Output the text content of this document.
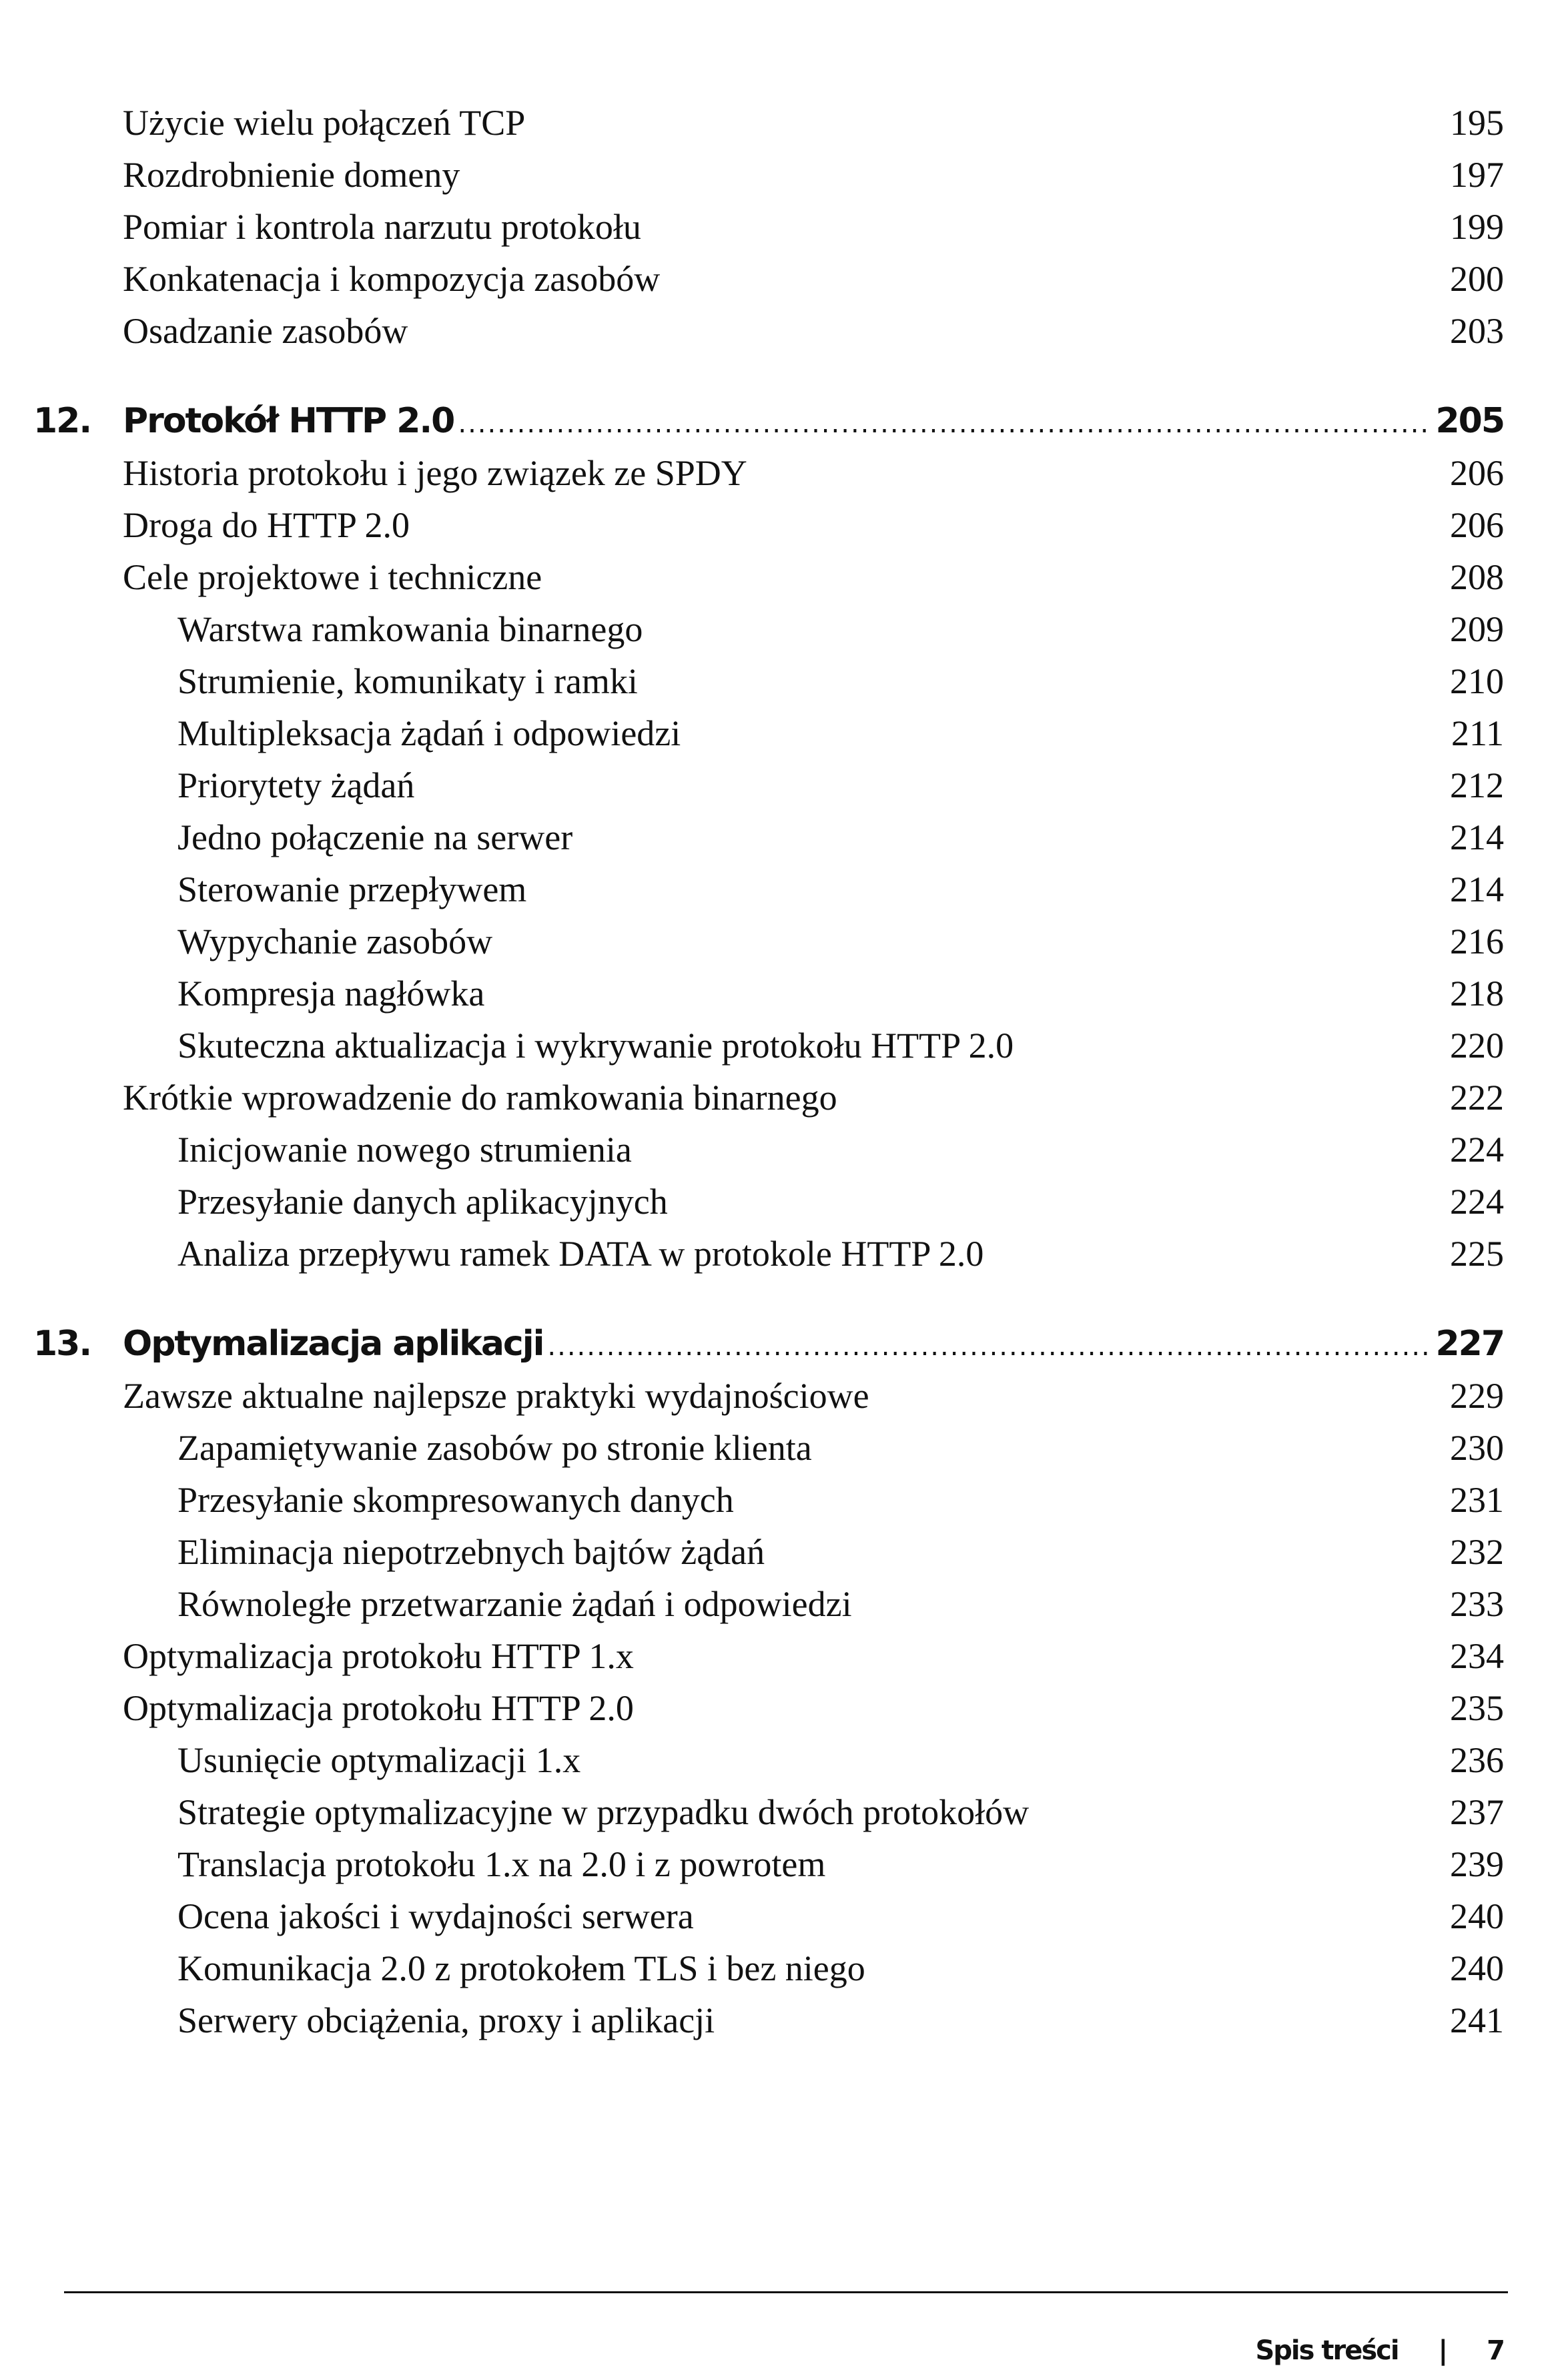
Użycie wielu połączeń TCP	195
Rozdrobnienie domeny	197
Pomiar i kontrola narzutu protokołu	199
Konkatenacja i kompozycja zasobów	200
Osadzanie zasobów	203
12. Protokół HTTP 2.0 .....	205
Historia protokołu i jego związek ze SPDY	206
Droga do HTTP 2.0	206
Cele projektowe i techniczne	208
Warstwa ramkowania binarnego	209
Strumienie, komunikaty i ramki	210
Multipleksacja żądań i odpowiedzi	211
Priorytety żądań	212
Jedno połączenie na serwer	214
Sterowanie przepływem	214
Wypychanie zasobów	216
Kompresja nagłówka	218
Skuteczna aktualizacja i wykrywanie protokołu HTTP 2.0	220
Krótkie wprowadzenie do ramkowania binarnego	222
Inicjowanie nowego strumienia	224
Przesyłanie danych aplikacyjnych	224
Analiza przepływu ramek DATA w protokole HTTP 2.0	225
13. Optymalizacja aplikacji .....	227
Zawsze aktualne najlepsze praktyki wydajnościowe	229
Zapamiętywanie zasobów po stronie klienta	230
Przesyłanie skompresowanych danych	231
Eliminacja niepotrzebnych bajtów żądań	232
Równoległe przetwarzanie żądań i odpowiedzi	233
Optymalizacja protokołu HTTP 1.x	234
Optymalizacja protokołu HTTP 2.0	235
Usunięcie optymalizacji 1.x	236
Strategie optymalizacyjne w przypadku dwóch protokołów	237
Translacja protokołu 1.x na 2.0 i z powrotem	239
Ocena jakości i wydajności serwera	240
Komunikacja 2.0 z protokołem TLS i bez niego	240
Serwery obciążenia, proxy i aplikacji	241
Spis treści | 7
